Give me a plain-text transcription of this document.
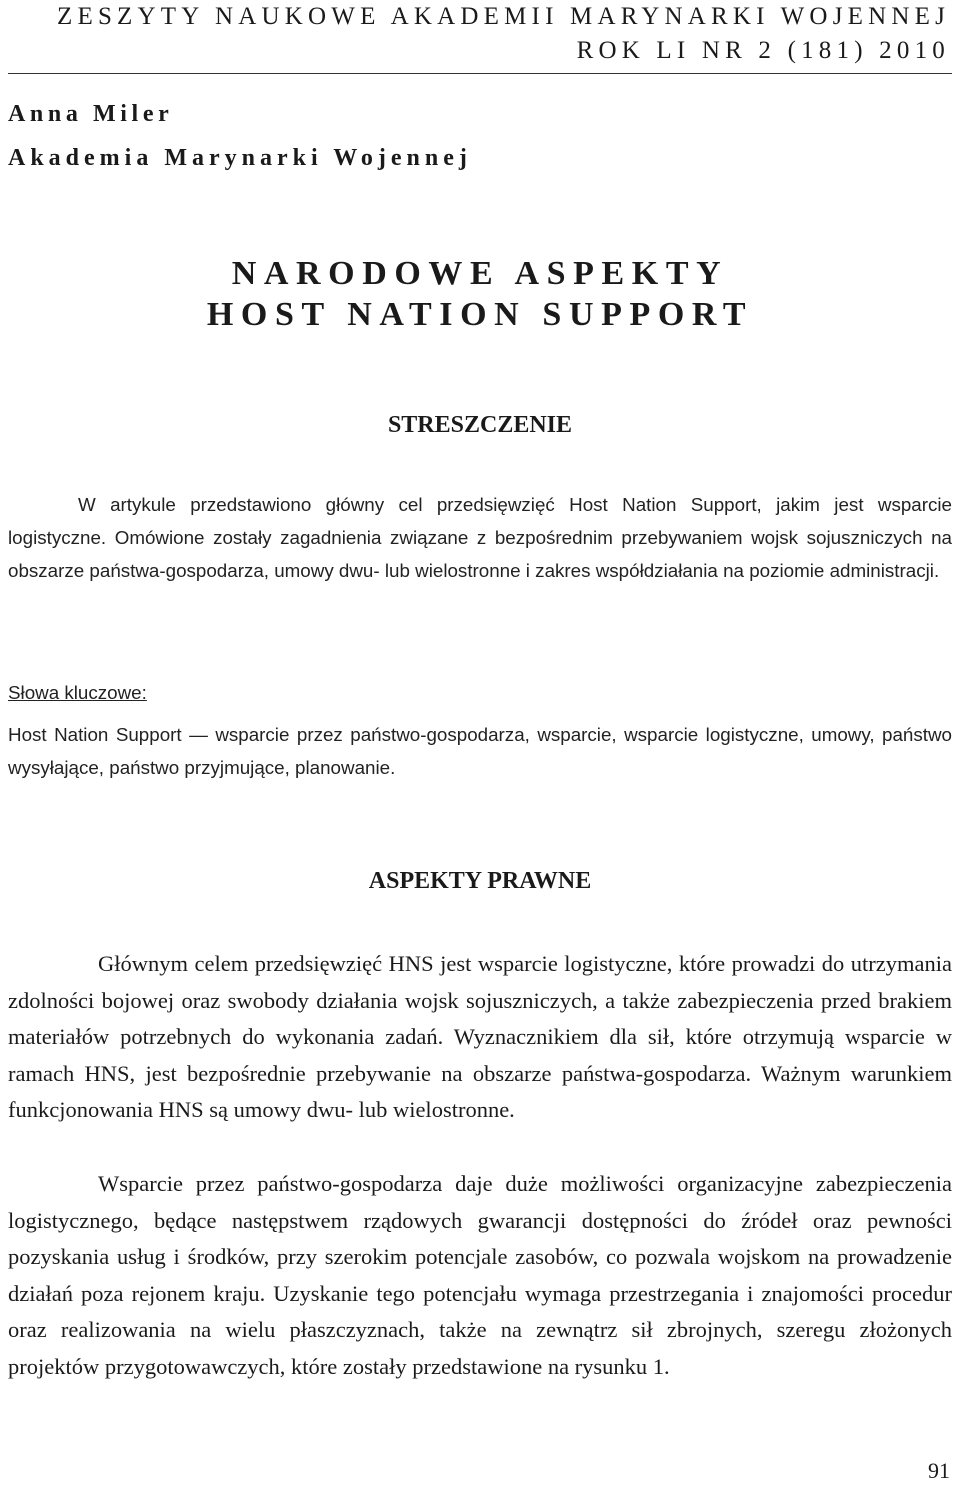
ZESZYTY NAUKOWE AKADEMII MARYNARKI WOJENNEJ
ROK LI NR 2 (181) 2010
Anna Miler
Akademia Marynarki Wojennej
NARODOWE ASPEKTY
HOST NATION SUPPORT
STRESZCZENIE
W artykule przedstawiono główny cel przedsięwzięć Host Nation Support, jakim jest wsparcie logistyczne. Omówione zostały zagadnienia związane z bezpośrednim przebywaniem wojsk sojuszniczych na obszarze państwa-gospodarza, umowy dwu- lub wielostronne i zakres współdziałania na poziomie administracji.
Słowa kluczowe:
Host Nation Support — wsparcie przez państwo-gospodarza, wsparcie, wsparcie logistyczne, umowy, państwo wysyłające, państwo przyjmujące, planowanie.
ASPEKTY PRAWNE
Głównym celem przedsięwzięć HNS jest wsparcie logistyczne, które prowadzi do utrzymania zdolności bojowej oraz swobody działania wojsk sojuszniczych, a także zabezpieczenia przed brakiem materiałów potrzebnych do wykonania zadań. Wyznacznikiem dla sił, które otrzymują wsparcie w ramach HNS, jest bezpośrednie przebywanie na obszarze państwa-gospodarza. Ważnym warunkiem funkcjonowania HNS są umowy dwu- lub wielostronne.
Wsparcie przez państwo-gospodarza daje duże możliwości organizacyjne zabezpieczenia logistycznego, będące następstwem rządowych gwarancji dostępności do źródeł oraz pewności pozyskania usług i środków, przy szerokim potencjale zasobów, co pozwala wojskom na prowadzenie działań poza rejonem kraju. Uzyskanie tego potencjału wymaga przestrzegania i znajomości procedur oraz realizowania na wielu płaszczyznach, także na zewnątrz sił zbrojnych, szeregu złożonych projektów przygotowawczych, które zostały przedstawione na rysunku 1.
91
